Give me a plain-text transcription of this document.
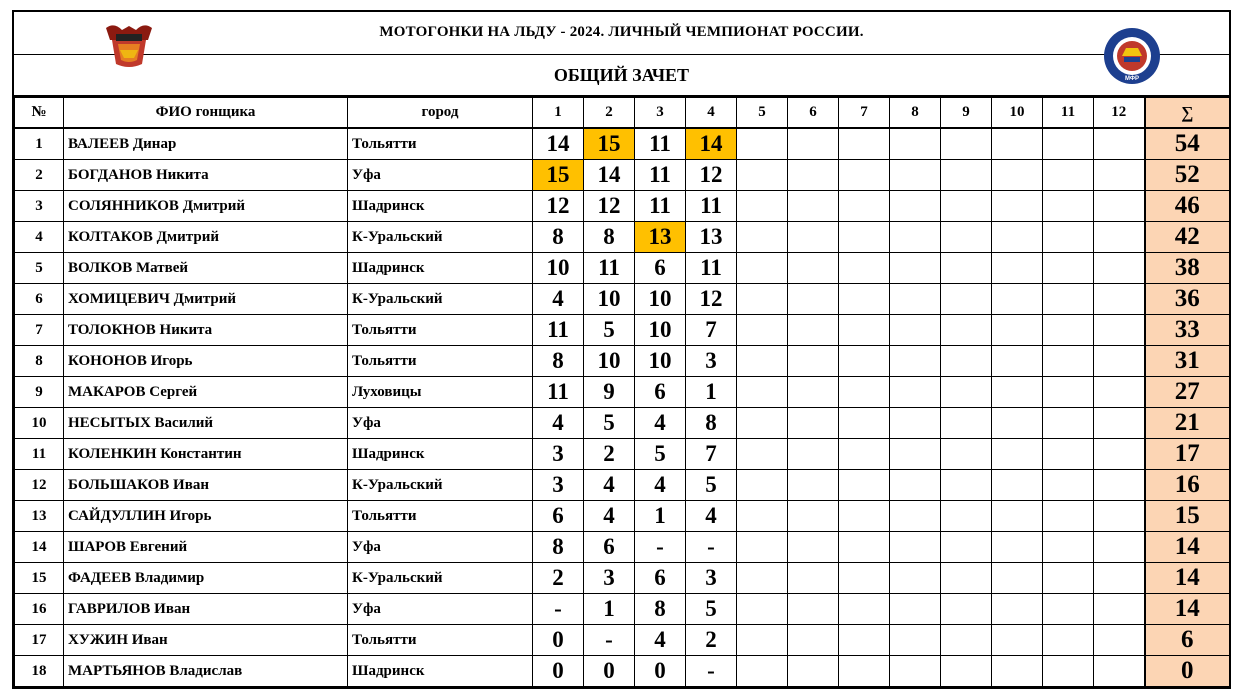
МОТОГОНКИ НА ЛЬДУ - 2024. ЛИЧНЫЙ ЧЕМПИОНАТ РОССИИ.
ОБЩИЙ ЗАЧЕТ	МФР
№	ФИО гонщика	город	1	2	3	4	5	6	7	8	9	10	11	12	∑
1	ВАЛЕЕВ Динар	Тольятти	14	15	11	14									54
2	БОГДАНОВ Никита	Уфа	15	14	11	12									52
3	СОЛЯННИКОВ Дмитрий	Шадринск	12	12	11	11									46
4	КОЛТАКОВ Дмитрий	К-Уральский	8	8	13	13									42
5	ВОЛКОВ Матвей	Шадринск	10	11	6	11									38
6	ХОМИЦЕВИЧ Дмитрий	К-Уральский	4	10	10	12									36
7	ТОЛОКНОВ Никита	Тольятти	11	5	10	7									33
8	КОНОНОВ Игорь	Тольятти	8	10	10	3									31
9	МАКАРОВ Сергей	Луховицы	11	9	6	1									27
10	НЕСЫТЫХ Василий	Уфа	4	5	4	8									21
11	КОЛЕНКИН Константин	Шадринск	3	2	5	7									17
12	БОЛЬШАКОВ Иван	К-Уральский	3	4	4	5									16
13	САЙДУЛЛИН Игорь	Тольятти	6	4	1	4									15
14	ШАРОВ Евгений	Уфа	8	6	-	-									14
15	ФАДЕЕВ Владимир	К-Уральский	2	3	6	3									14
16	ГАВРИЛОВ Иван	Уфа	-	1	8	5									14
17	ХУЖИН Иван	Тольятти	0	-	4	2									6
18	МАРТЬЯНОВ Владислав	Шадринск	0	0	0	-									0
